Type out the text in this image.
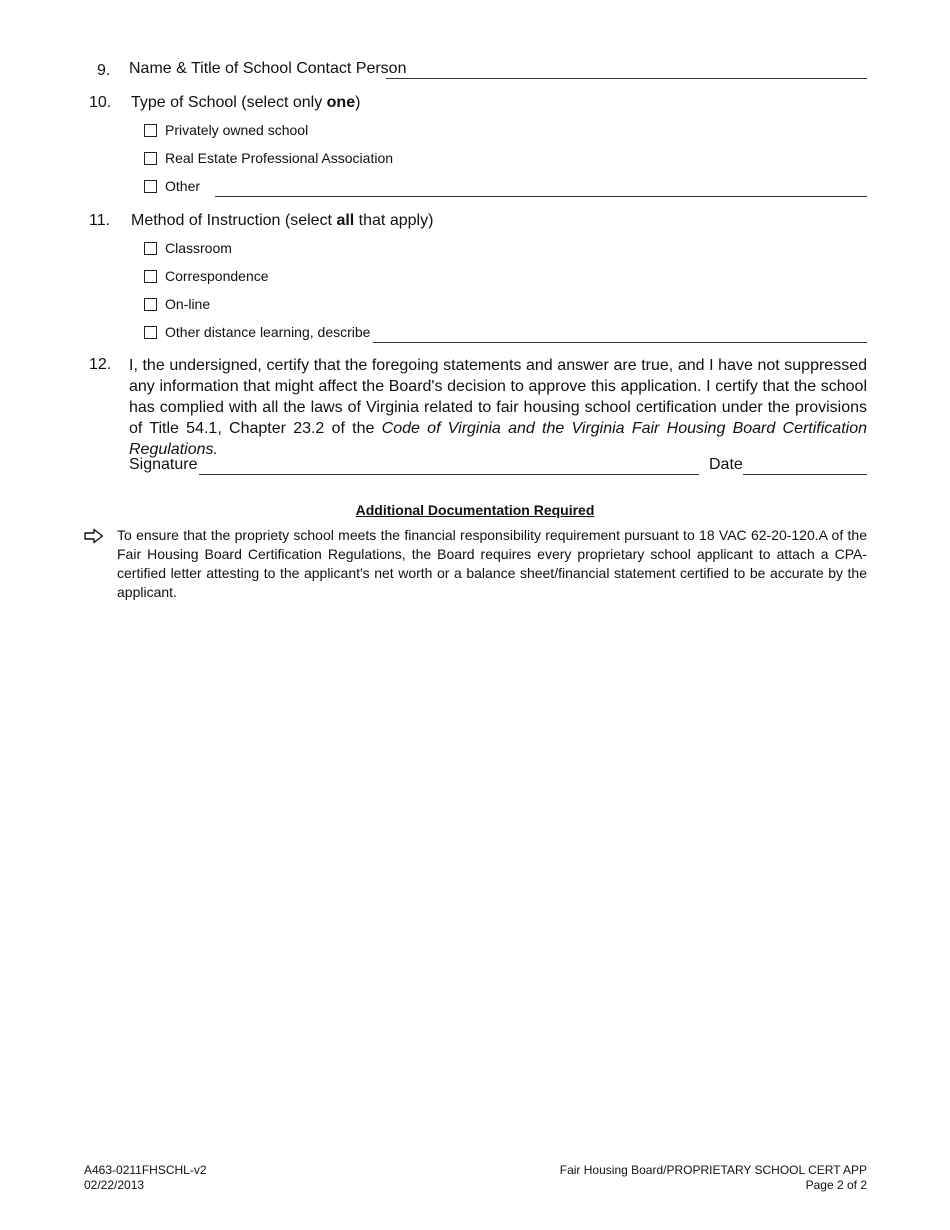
9. Name & Title of School Contact Person
10. Type of School (select only one)
Privately owned school
Real Estate Professional Association
Other
11. Method of Instruction (select all that apply)
Classroom
Correspondence
On-line
Other distance learning, describe
12. I, the undersigned, certify that the foregoing statements and answer are true, and I have not suppressed any information that might affect the Board's decision to approve this application. I certify that the school has complied with all the laws of Virginia related to fair housing school certification under the provisions of Title 54.1, Chapter 23.2 of the Code of Virginia and the Virginia Fair Housing Board Certification Regulations.
Signature	Date
Additional Documentation Required
To ensure that the propriety school meets the financial responsibility requirement pursuant to 18 VAC 62-20-120.A of the Fair Housing Board Certification Regulations, the Board requires every proprietary school applicant to attach a CPA-certified letter attesting to the applicant's net worth or a balance sheet/financial statement certified to be accurate by the applicant.
A463-0211FHSCHL-v2
02/22/2013
Fair Housing Board/PROPRIETARY SCHOOL CERT APP
Page 2 of 2
